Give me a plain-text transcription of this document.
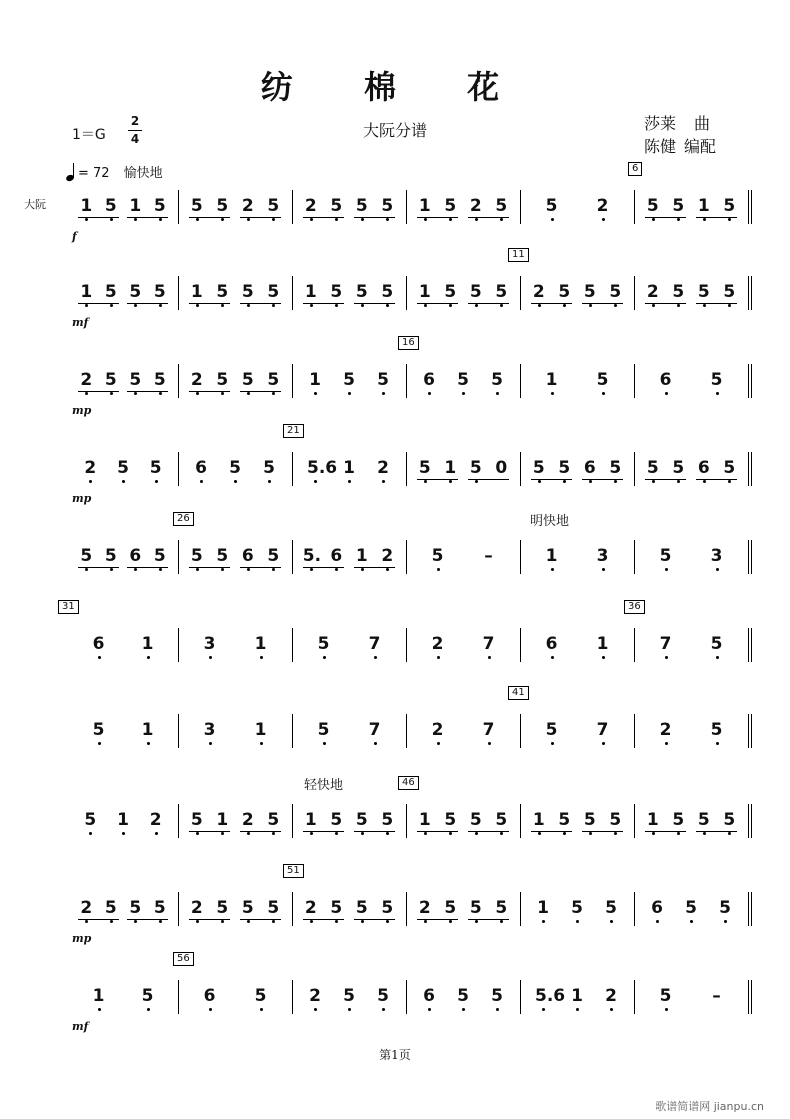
纺 棉 花
大阮分谱
1＝G
2
4
莎莱 曲
陈健 编配
= 72 愉快地
大阮
6
1 5 1 5 5 5 2 5 2 5 5 5 1 5 2 5 5 2 5 5 1 5
f
11
1 5 5 5 1 5 5 5 1 5 5 5 1 5 5 5 2 5 5 5 2 5 5 5
mf
16
2 5 5 5 2 5 5 5 1 5 5 6 5 5	1 5	6 5
mp
21
2 5 5 6 5 5 5.6 1 2 5 1 5 0 5 5 6 5 5 5 6 5
mp
26	明快地
5 5 6 5 5 5 6 5 5. 6 1 2 5 –	1 3	5 3
31	36
6 1	3 1	5 7	2 7	6 1	7 5
41
5 1	3 1	5 7	2 7	5 7	2 5
46
轻快地
5 1 2 5 1 2 5 1 5 5 5 1 5 5 5 1 5 5 5 1 5 5 5
51
2 5 5 5 2 5 5 5 2 5 5 5 2 5 5 5 1 5 5 6 5 5
mp
56
1 5	6 5	2 5 5 6 5 5 5.6 1 2	5 –
mf
第1页
歌谱简谱网 jianpu.cn
